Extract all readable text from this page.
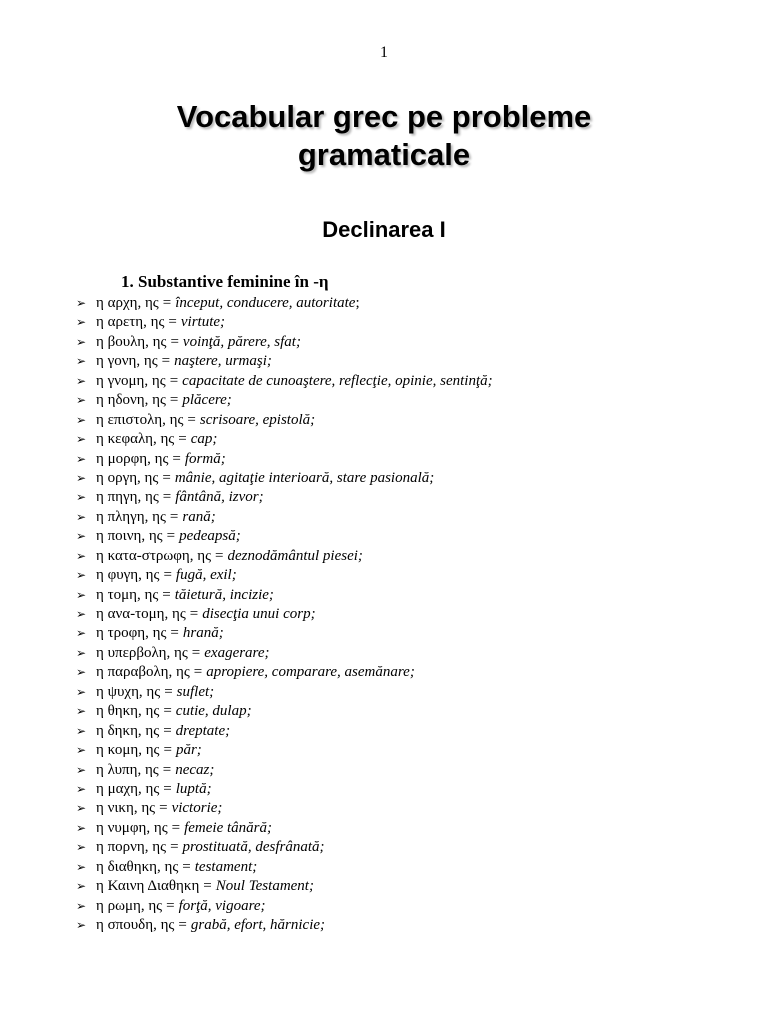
1
Vocabular grec pe probleme gramaticale
Declinarea I
1. Substantive feminine în -η
➢ η αρχη, ης = început, conducere, autoritate ;
➢ η αρετη, ης = virtute;
➢ η βουλη, ης = voinţă, părere, sfat;
➢ η γονη, ης = naştere, urmaşi;
➢ η γνομη, ης = capacitate de cunoaştere, reflecţie, opinie, sentinţă;
➢ η ηδονη, ης = plăcere;
➢ η επιστολη, ης = scrisoare, epistolă;
➢ η κεφαλη, ης = cap;
➢ η μορφη, ης = formă;
➢ η οργη, ης = mânie, agitaţie interioară, stare pasională;
➢ η πηγη, ης = fântână, izvor;
➢ η πληγη, ης = rană;
➢ η ποινη, ης = pedeapsă;
➢ η κατα-στρωφη, ης = deznodământul piesei;
➢ η φυγη, ης = fugă, exil;
➢ η τομη, ης = tăietură, incizie;
➢ η ανα-τομη, ης = disecţia unui corp;
➢ η τροφη, ης = hrană;
➢ η υπερβολη, ης = exagerare;
➢ η παραβολη, ης = apropiere, comparare, asemănare;
➢ η ψυχη, ης = suflet;
➢ η θηκη, ης = cutie, dulap;
➢ η δηκη, ης = dreptate;
➢ η κομη, ης = păr;
➢ η λυπη, ης = necaz;
➢ η μαχη, ης = luptă;
➢ η νικη, ης = victorie;
➢ η νυμφη, ης = femeie tânără;
➢ η πορνη, ης = prostituată, desfrânată;
➢ η διαθηκη, ης = testament;
➢ η Καινη Διαθηκη = Noul Testament;
➢ η ρωμη, ης = forţă, vigoare;
➢ η σπουδη, ης = grabă, efort, hărnicie;
